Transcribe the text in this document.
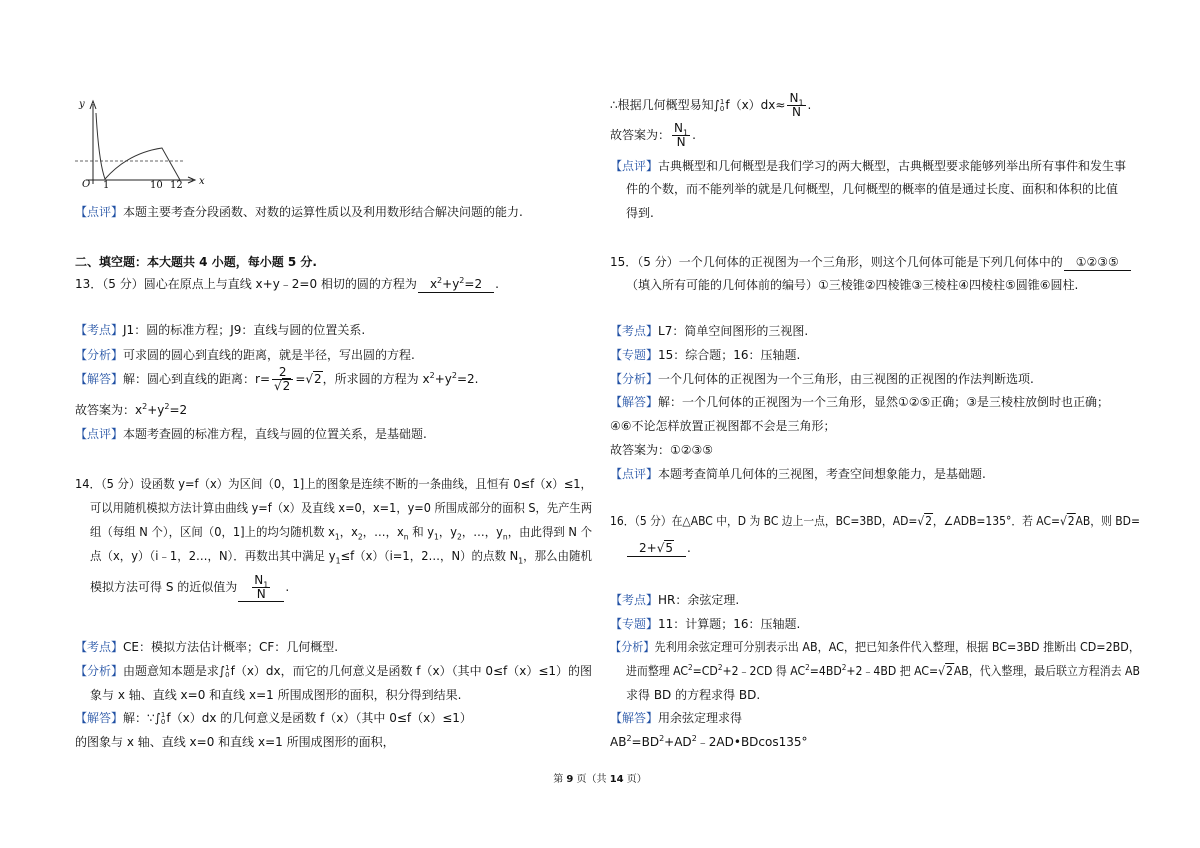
y
x
O 1	10 12
【点评】本题主要考查分段函数、对数的运算性质以及利用数形结合解决问题的能力.
二、填空题：本大题共 4 小题，每小题 5 分.
13．（5 分）圆心在原点上与直线 x+y﹣2=0 相切的圆的方程为 $x^2+y^2=2$ .
【考点】J1：圆的标准方程；J9：直线与圆的位置关系.
【分析】可求圆的圆心到直线的距离，就是半径，写出圆的方程.
【解答】解：圆心到直线的距离：$r= \frac{2}{√2} =√2$，所求圆的方程为 $x^2+y^2=2$.
故答案为：$x^2+y^2=2$
【点评】本题考查圆的标准方程，直线与圆的位置关系，是基础题.
14．（5 分）设函数 y=f（x）为区间（0，1]上的图象是连续不断的一条曲线，且恒有 0≤f（x）≤1，
可以用随机模拟方法计算由曲线 y=f（x）及直线 x=0，x=1，y=0 所围成部分的面积 S，先产生两
组（每组 N 个），区间（0，1]上的均匀随机数 $x_1$，$x_2$，…，$x_n$ 和 $y_1$，$y_2$，…，$y_n$，由此得到 N 个
点（x，y）（i﹣1，2…，N）．再数出其中满足 $y_1\le f(x)(i=1$，2…，N）的点数 $N_1$，那么由随机
模拟方法可得 S 的近似值为 $\frac{N_1}{N}$ .
【考点】CE：模拟方法估计概率；CF：几何概型.
【分析】由题意知本题是求∫ 1
0 f（x）dx，而它的几何意义是函数 f（x）（其中 0≤f（x）≤1）的图
象与 x 轴、直线 x=0 和直线 x=1 所围成图形的面积，积分得到结果.
【解答】解：∵∫ 1
0 f（x）dx 的几何意义是函数 f（x）（其中 0≤f（x）≤1）
的图象与 x 轴、直线 x=0 和直线 x=1 所围成图形的面积，
∴根据几何概型易知∫ 1
0 $f(x)dx\approx \frac{N_1}{N}$ .
故答案为： $\frac{N_1}{N}$ .
【点评】古典概型和几何概型是我们学习的两大概型，古典概型要求能够列举出所有事件和发生事
件的个数，而不能列举的就是几何概型，几何概型的概率的值是通过长度、面积和体积的比值
得到.
15．（5 分）一个几何体的正视图为一个三角形，则这个几何体可能是下列几何体中的 ①②③⑤
（填入所有可能的几何体前的编号）①三棱锥②四棱锥③三棱柱④四棱柱⑤圆锥⑥圆柱.
【考点】L7：简单空间图形的三视图.
【专题】15：综合题；16：压轴题.
【分析】一个几何体的正视图为一个三角形，由三视图的正视图的作法判断选项.
【解答】解：一个几何体的正视图为一个三角形，显然①②⑤正确；③是三棱柱放倒时也正确；
④⑥不论怎样放置正视图都不会是三角形；
故答案为：①②③⑤
【点评】本题考查简单几何体的三视图，考查空间想象能力，是基础题.
16．（5 分）在△ABC 中，D 为 BC 边上一点，BC=3BD，AD=√2，∠ADB=135°．若 AC=√2AB，则 BD=
2+√5 .
【考点】HR：余弦定理.
【专题】11：计算题；16：压轴题.
【分析】先利用余弦定理可分别表示出 AB，AC，把已知条件代入整理，根据 BC=3BD 推断出 CD=2BD，
进而整理 $AC^2=CD^2+2﹣2CD$ 得 $AC^2=4BD^2+2﹣4BD$ 把 AC=√2AB，代入整理，最后联立方程消去 AB
求得 BD 的方程求得 BD.
【解答】用余弦定理求得
$AB^2=BD^2+AD^2﹣2AD•BDcos135^\circ$
第 9 页（共 14 页）
